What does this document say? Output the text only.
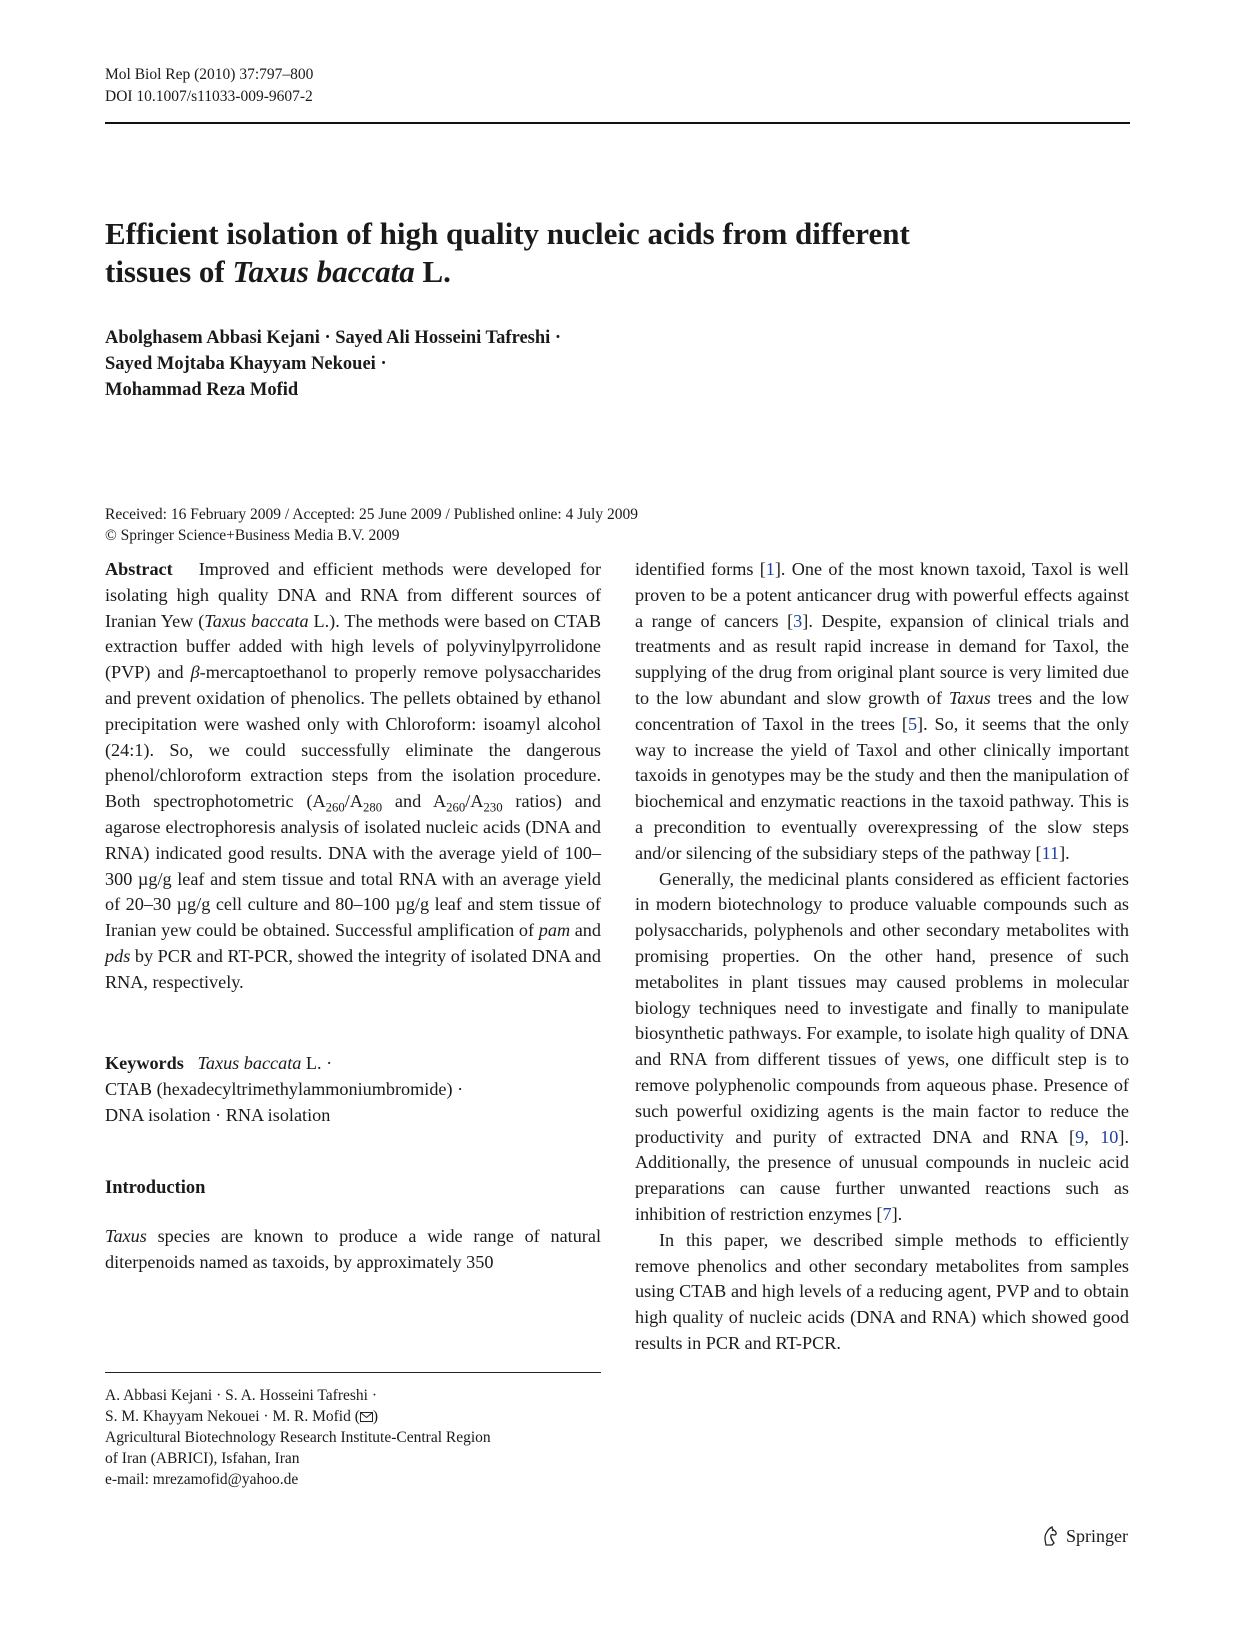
Mol Biol Rep (2010) 37:797–800
DOI 10.1007/s11033-009-9607-2
Efficient isolation of high quality nucleic acids from different
tissues of Taxus baccata L.
Abolghasem Abbasi Kejani · Sayed Ali Hosseini Tafreshi ·
Sayed Mojtaba Khayyam Nekouei ·
Mohammad Reza Mofid
Received: 16 February 2009 / Accepted: 25 June 2009 / Published online: 4 July 2009
© Springer Science+Business Media B.V. 2009

Abstract Improved and efficient methods were developed for isolating high quality DNA and RNA from different sources of Iranian Yew (Taxus baccata L.). The methods were based on CTAB extraction buffer added with high levels of polyvinylpyrrolidone (PVP) and β-mercaptoethanol to properly remove polysaccharides and prevent oxidation of phenolics. The pellets obtained by ethanol precipitation were washed only with Chloroform: isoamyl alcohol (24:1). So, we could successfully eliminate the dangerous phenol/chloroform extraction steps from the isolation procedure. Both spectrophotometric ($A_{260}/A_{280}$ and $A_{260}/A_{230}$ ratios) and agarose electrophoresis analysis of isolated nucleic acids (DNA and RNA) indicated good results. DNA with the average yield of 100–300 µg/g leaf and stem tissue and total RNA with an average yield of 20–30 µg/g cell culture and 80–100 µg/g leaf and stem tissue of Iranian yew could be obtained. Successful amplification of pam and pds by PCR and RT-PCR, showed the integrity of isolated DNA and RNA, respectively.

Keywords Taxus baccata L. ·
CTAB (hexadecyltrimethylammoniumbromide) ·
DNA isolation · RNA isolation
Introduction

Taxus species are known to produce a wide range of natural diterpenoids named as taxoids, by approximately 350

A. Abbasi Kejani · S. A. Hosseini Tafreshi ·
S. M. Khayyam Nekouei · M. R. Mofid ( )
Agricultural Biotechnology Research Institute-Central Region
of Iran (ABRICI), Isfahan, Iran
e-mail: mrezamofid@yahoo.de

identified forms [1]. One of the most known taxoid, Taxol is well proven to be a potent anticancer drug with powerful effects against a range of cancers [3]. Despite, expansion of clinical trials and treatments and as result rapid increase in demand for Taxol, the supplying of the drug from original plant source is very limited due to the low abundant and slow growth of Taxus trees and the low concentration of Taxol in the trees [5]. So, it seems that the only way to increase the yield of Taxol and other clinically important taxoids in genotypes may be the study and then the manipulation of biochemical and enzymatic reactions in the taxoid pathway. This is a precondition to eventually overexpressing of the slow steps and/or silencing of the subsidiary steps of the pathway [11].

Generally, the medicinal plants considered as efficient factories in modern biotechnology to produce valuable compounds such as polysaccharids, polyphenols and other secondary metabolites with promising properties. On the other hand, presence of such metabolites in plant tissues may caused problems in molecular biology techniques need to investigate and finally to manipulate biosynthetic pathways. For example, to isolate high quality of DNA and RNA from different tissues of yews, one difficult step is to remove polyphenolic compounds from aqueous phase. Presence of such powerful oxidizing agents is the main factor to reduce the productivity and purity of extracted DNA and RNA [9, 10]. Additionally, the presence of unusual compounds in nucleic acid preparations can cause further unwanted reactions such as inhibition of restriction enzymes [7].

In this paper, we described simple methods to efficiently remove phenolics and other secondary metabolites from samples using CTAB and high levels of a reducing agent, PVP and to obtain high quality of nucleic acids (DNA and RNA) which showed good results in PCR and RT-PCR.

Springer
